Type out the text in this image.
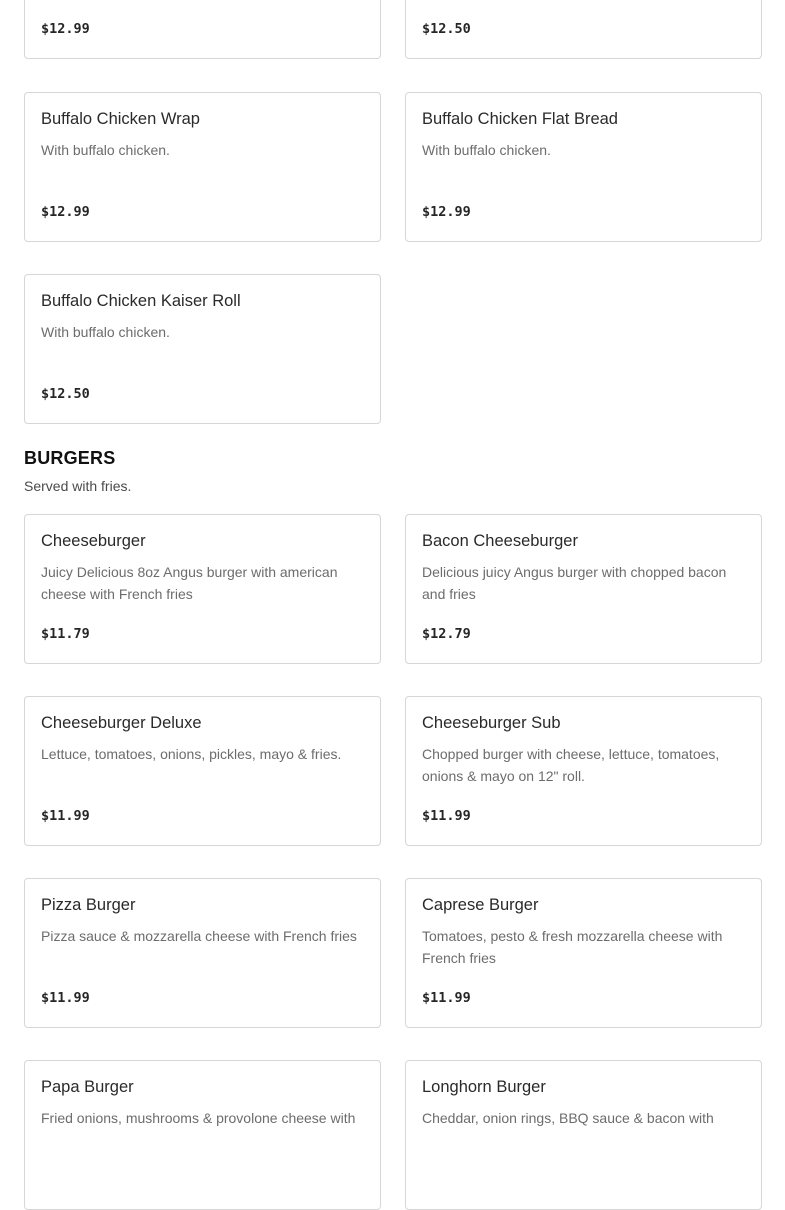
$12.99	$12.50
Buffalo Chicken Wrap
With buffalo chicken.
$12.99
Buffalo Chicken Flat Bread
With buffalo chicken.
$12.99
Buffalo Chicken Kaiser Roll
With buffalo chicken.
$12.50
BURGERS

Served with fries.

Cheeseburger
Juicy Delicious 8oz Angus burger with american cheese with French fries
$11.79
Bacon Cheeseburger
Delicious juicy Angus burger with chopped bacon and fries
$12.79
Cheeseburger Deluxe
Lettuce, tomatoes, onions, pickles, mayo & fries.
$11.99
Cheeseburger Sub
Chopped burger with cheese, lettuce, tomatoes, onions & mayo on 12" roll.
$11.99
Pizza Burger
Pizza sauce & mozzarella cheese with French fries
$11.99
Caprese Burger
Tomatoes, pesto & fresh mozzarella cheese with French fries
$11.99
Papa Burger
Fried onions, mushrooms & provolone cheese with
Longhorn Burger
Cheddar, onion rings, BBQ sauce & bacon with
